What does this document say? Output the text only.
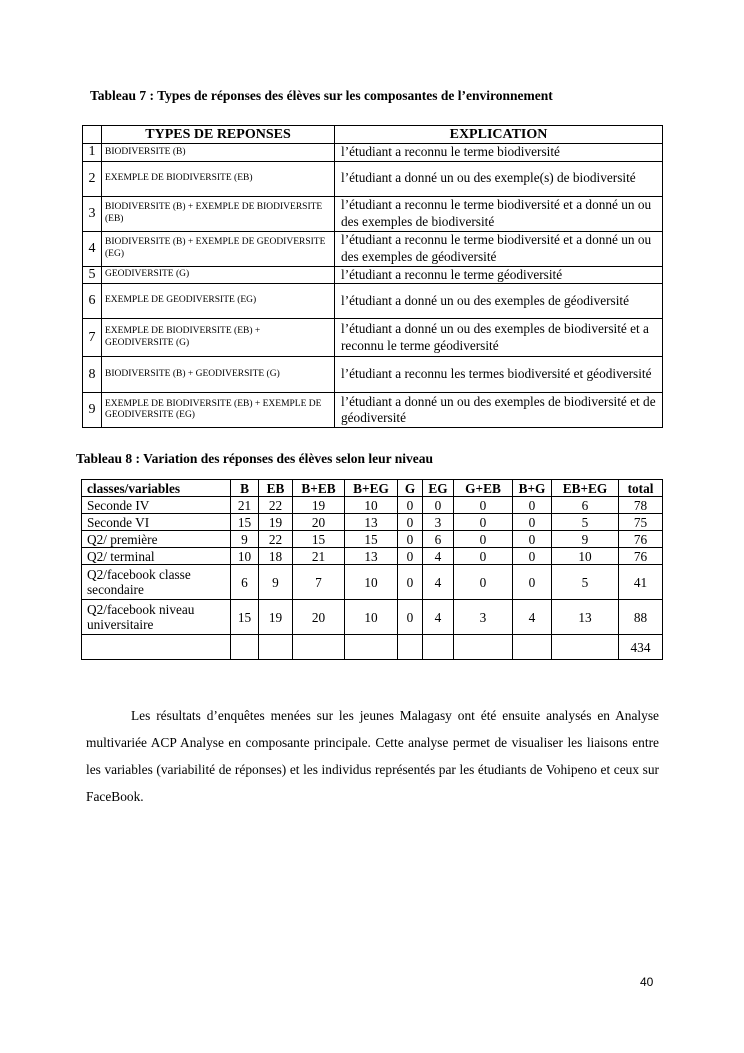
Tableau 7 : Types de réponses des élèves sur les composantes de l’environnement
	TYPES DE REPONSES	EXPLICATION
1	BIODIVERSITE (B)	l’étudiant a reconnu le terme biodiversité
2	EXEMPLE DE BIODIVERSITE (EB)	l’étudiant a donné un ou des exemple(s) de biodiversité
3	BIODIVERSITE (B) + EXEMPLE DE BIODIVERSITE (EB)	l’étudiant a reconnu le terme biodiversité et a donné un ou des exemples de biodiversité
4	BIODIVERSITE (B) + EXEMPLE DE GEODIVERSITE (EG)	l’étudiant a reconnu le terme biodiversité et a donné un ou des exemples de géodiversité
5	GEODIVERSITE (G)	l’étudiant a reconnu le terme géodiversité
6	EXEMPLE DE GEODIVERSITE (EG)	l’étudiant a donné un ou des exemples de géodiversité
7	EXEMPLE DE BIODIVERSITE (EB) + GEODIVERSITE (G)	l’étudiant a donné un ou des exemples de biodiversité et a reconnu le terme géodiversité
8	BIODIVERSITE (B) + GEODIVERSITE (G)	l’étudiant a reconnu les termes biodiversité et géodiversité
9	EXEMPLE DE BIODIVERSITE (EB) + EXEMPLE DE GEODIVERSITE (EG)	l’étudiant a donné un ou des exemples de biodiversité et de géodiversité
Tableau 8 : Variation des réponses des élèves selon leur niveau
classes/variables	B	EB	B+EB	B+EG	G	EG	G+EB	B+G	EB+EG	total
Seconde IV	21	22	19	10	0	0	0	0	6	78
Seconde VI	15	19	20	13	0	3	0	0	5	75
Q2/ première	9	22	15	15	0	6	0	0	9	76
Q2/ terminal	10	18	21	13	0	4	0	0	10	76
Q2/facebook classe secondaire	6	9	7	10	0	4	0	0	5	41
Q2/facebook niveau universitaire	15	19	20	10	0	4	3	4	13	88
										434
Les résultats d’enquêtes menées sur les jeunes Malagasy ont été ensuite analysés en Analyse multivariée ACP Analyse en composante principale. Cette analyse permet de visualiser les liaisons entre les variables (variabilité de réponses) et les individus représentés par les étudiants de Vohipeno et ceux sur FaceBook.
40
